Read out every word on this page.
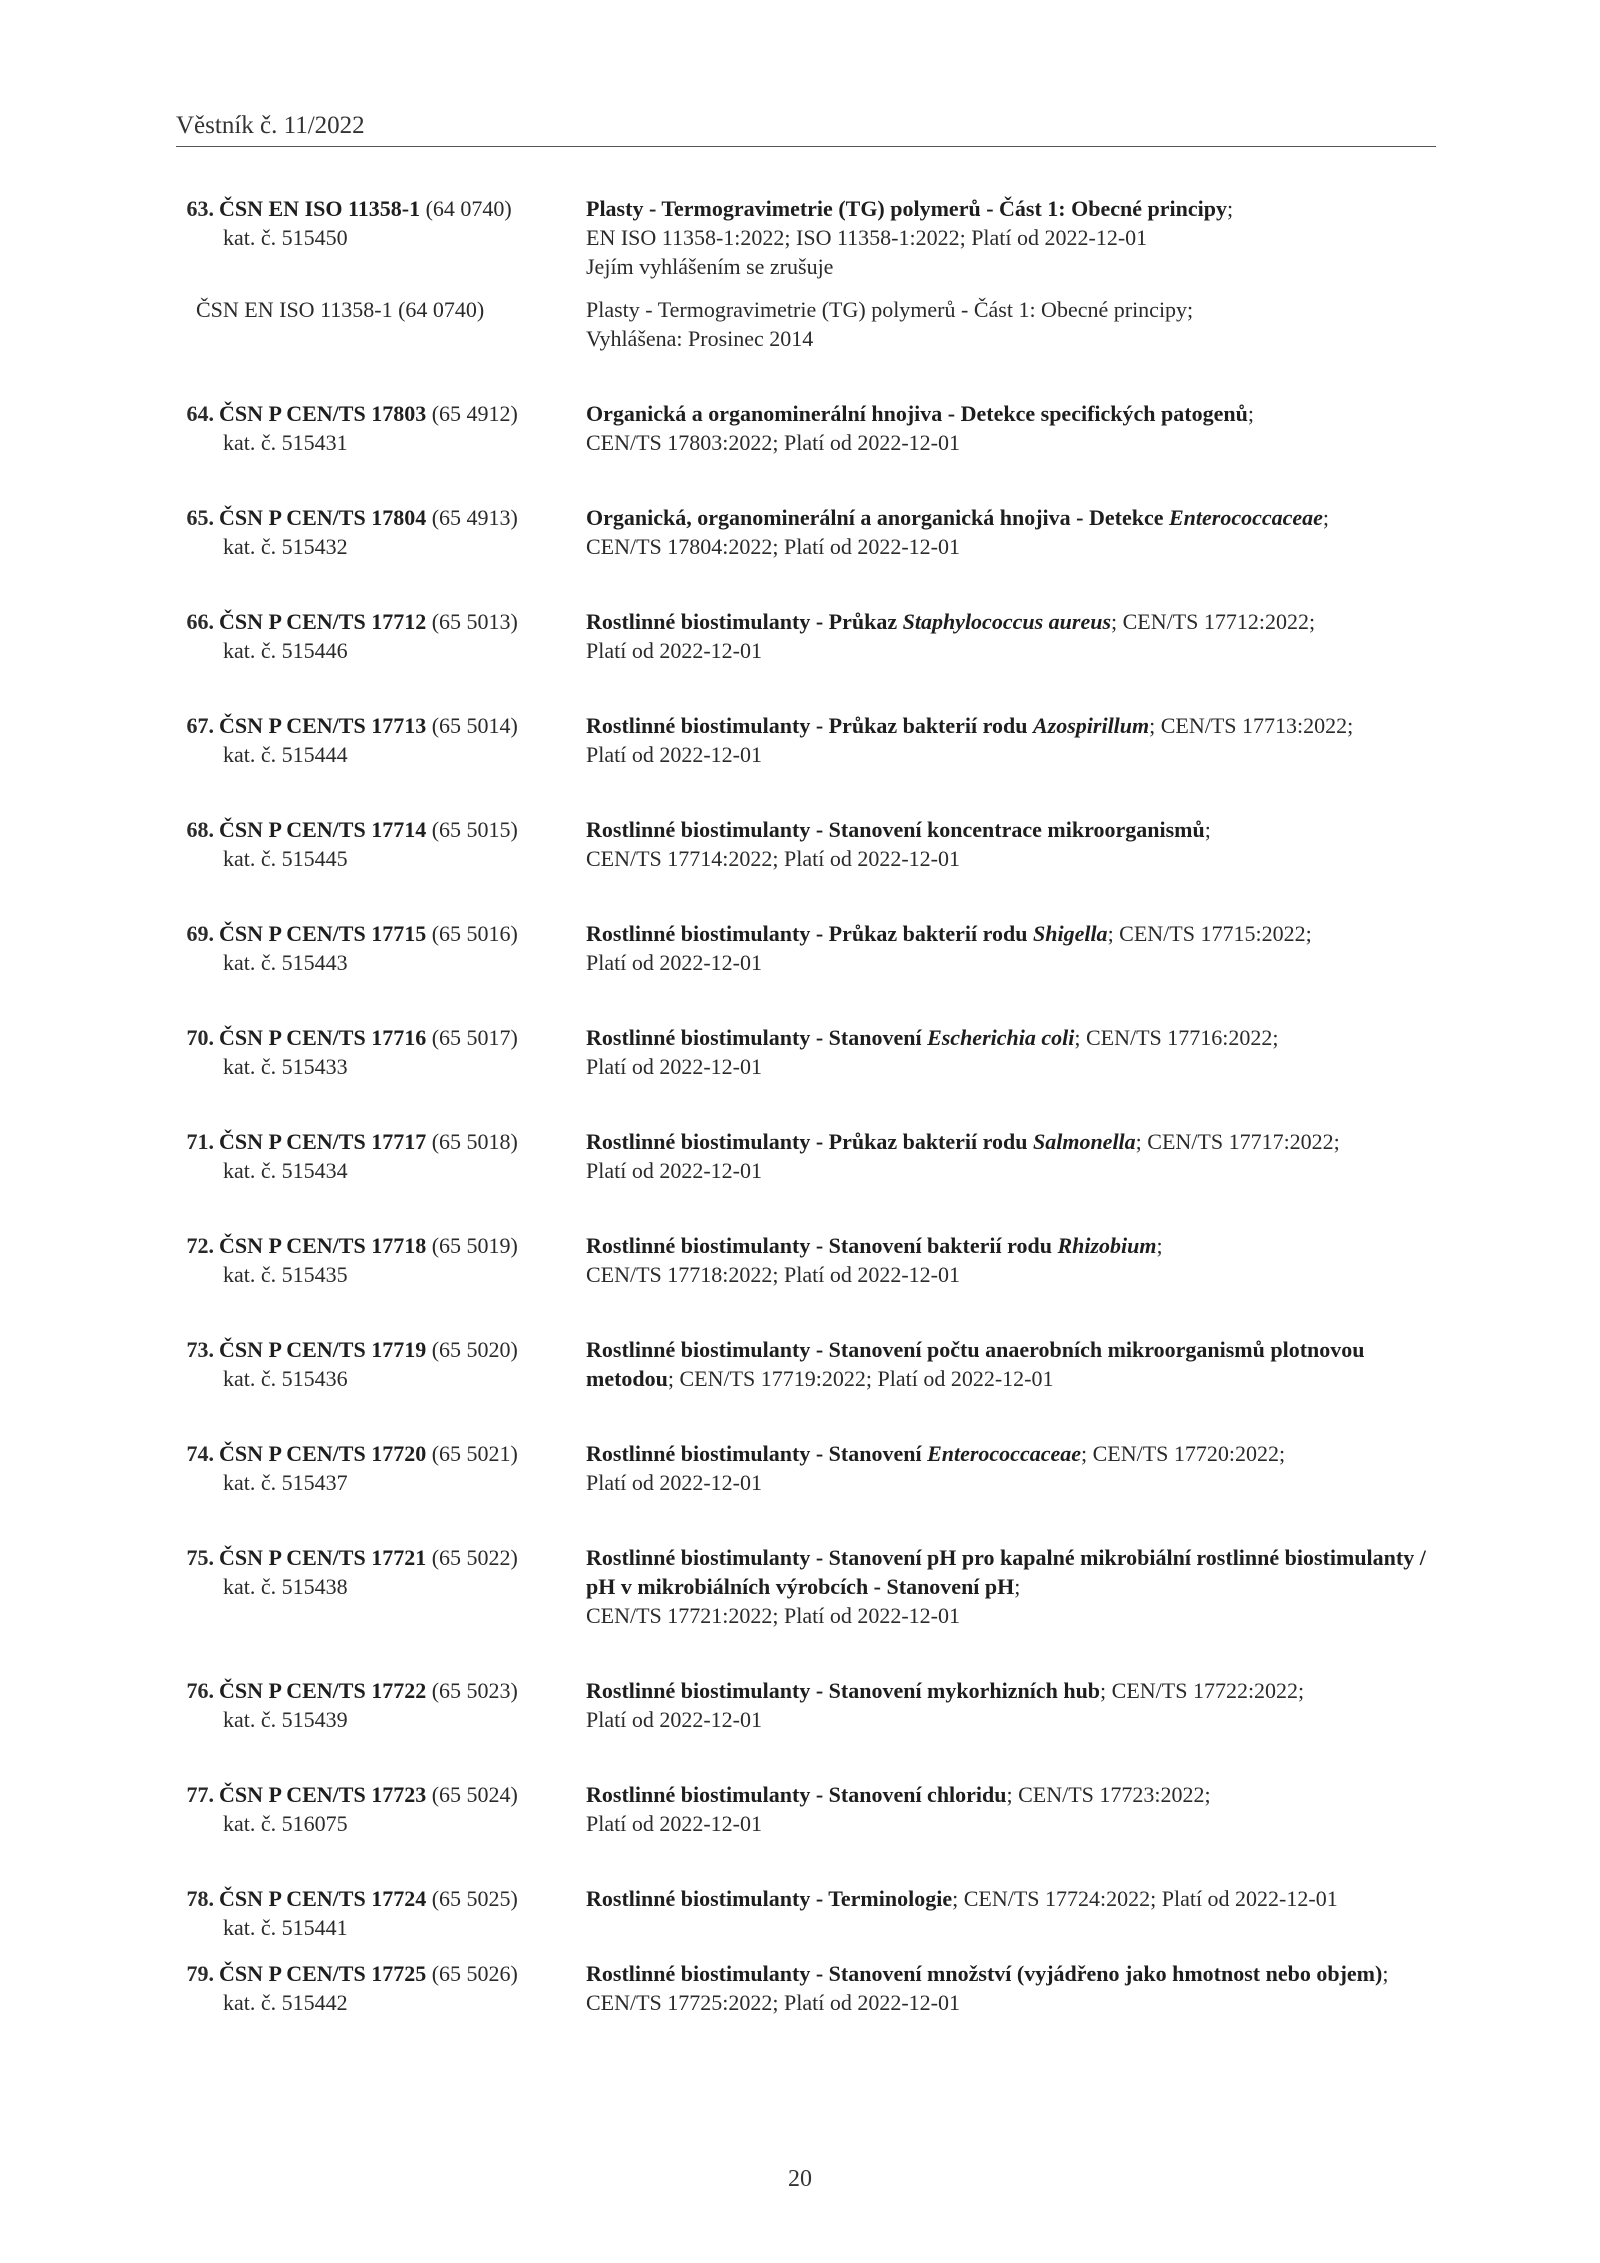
Věstník č. 11/2022
63. ČSN EN ISO 11358-1 (64 0740)
kat. č. 515450
Plasty - Termogravimetrie (TG) polymerů - Část 1: Obecné principy;
EN ISO 11358-1:2022; ISO 11358-1:2022; Platí od 2022-12-01
Jejím vyhlášením se zrušuje
ČSN EN ISO 11358-1 (64 0740)	Plasty - Termogravimetrie (TG) polymerů - Část 1: Obecné principy;
Vyhlášena: Prosinec 2014
64. ČSN P CEN/TS 17803 (65 4912)
kat. č. 515431
Organická a organominerální hnojiva - Detekce specifických patogenů;
CEN/TS 17803:2022; Platí od 2022-12-01
65. ČSN P CEN/TS 17804 (65 4913)
kat. č. 515432
Organická, organominerální a anorganická hnojiva - Detekce Enterococcaceae;
CEN/TS 17804:2022; Platí od 2022-12-01
66. ČSN P CEN/TS 17712 (65 5013)
kat. č. 515446
Rostlinné biostimulanty - Průkaz Staphylococcus aureus; CEN/TS 17712:2022;
Platí od 2022-12-01
67. ČSN P CEN/TS 17713 (65 5014)
kat. č. 515444
Rostlinné biostimulanty - Průkaz bakterií rodu Azospirillum; CEN/TS 17713:2022;
Platí od 2022-12-01
68. ČSN P CEN/TS 17714 (65 5015)
kat. č. 515445
Rostlinné biostimulanty - Stanovení koncentrace mikroorganismů;
CEN/TS 17714:2022; Platí od 2022-12-01
69. ČSN P CEN/TS 17715 (65 5016)
kat. č. 515443
Rostlinné biostimulanty - Průkaz bakterií rodu Shigella; CEN/TS 17715:2022;
Platí od 2022-12-01
70. ČSN P CEN/TS 17716 (65 5017)
kat. č. 515433
Rostlinné biostimulanty - Stanovení Escherichia coli; CEN/TS 17716:2022;
Platí od 2022-12-01
71. ČSN P CEN/TS 17717 (65 5018)
kat. č. 515434
Rostlinné biostimulanty - Průkaz bakterií rodu Salmonella; CEN/TS 17717:2022;
Platí od 2022-12-01
72. ČSN P CEN/TS 17718 (65 5019)
kat. č. 515435
Rostlinné biostimulanty - Stanovení bakterií rodu Rhizobium;
CEN/TS 17718:2022; Platí od 2022-12-01
73. ČSN P CEN/TS 17719 (65 5020)
kat. č. 515436
Rostlinné biostimulanty - Stanovení počtu anaerobních mikroorganismů plotnovou metodou; CEN/TS 17719:2022; Platí od 2022-12-01
74. ČSN P CEN/TS 17720 (65 5021)
kat. č. 515437
Rostlinné biostimulanty - Stanovení Enterococcaceae; CEN/TS 17720:2022;
Platí od 2022-12-01
75. ČSN P CEN/TS 17721 (65 5022)
kat. č. 515438
Rostlinné biostimulanty - Stanovení pH pro kapalné mikrobiální rostlinné biostimulanty / pH v mikrobiálních výrobcích - Stanovení pH;
CEN/TS 17721:2022; Platí od 2022-12-01
76. ČSN P CEN/TS 17722 (65 5023)
kat. č. 515439
Rostlinné biostimulanty - Stanovení mykorhizních hub; CEN/TS 17722:2022;
Platí od 2022-12-01
77. ČSN P CEN/TS 17723 (65 5024)
kat. č. 516075
Rostlinné biostimulanty - Stanovení chloridu; CEN/TS 17723:2022;
Platí od 2022-12-01
78. ČSN P CEN/TS 17724 (65 5025)
kat. č. 515441
Rostlinné biostimulanty - Terminologie; CEN/TS 17724:2022; Platí od 2022-12-01
79. ČSN P CEN/TS 17725 (65 5026)
kat. č. 515442
Rostlinné biostimulanty - Stanovení množství (vyjádřeno jako hmotnost nebo objem); CEN/TS 17725:2022; Platí od 2022-12-01
20
